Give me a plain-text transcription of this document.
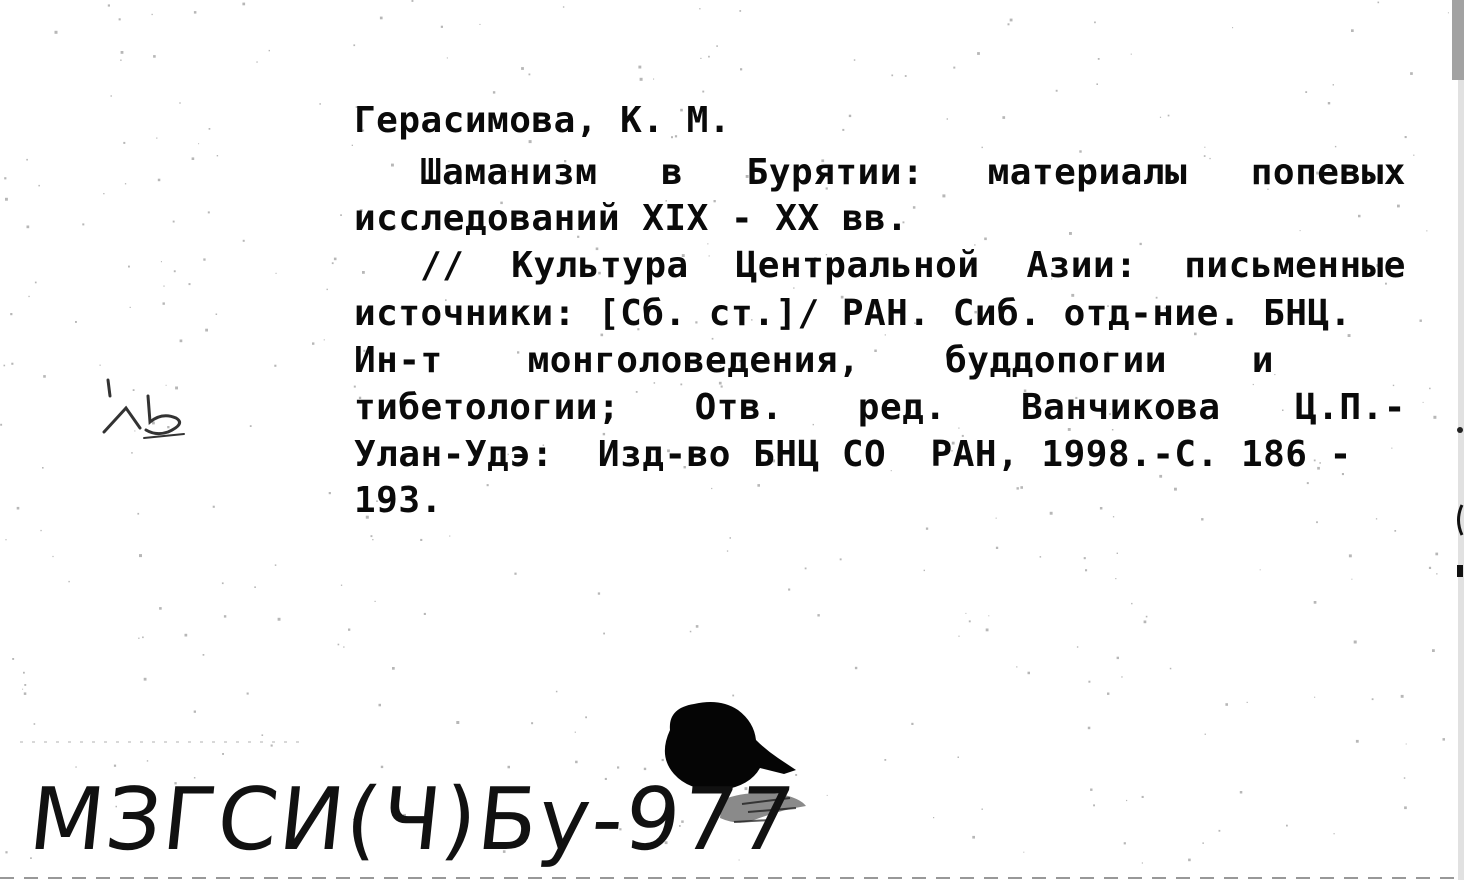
Герасимова, К. М.
Шаманизм в Бурятии: материалы попевых
исследований XIX - XX вв.
// Культура Центральной Азии: письменные
источники: [Сб. ст.]/ РАН. Сиб. отд-ние. БНЦ.
Ин-т монголоведения, буддопогии и
тибетологии; Отв. ред. Ванчикова Ц.П.-
Улан-Удэ:  Изд-во БНЦ СО  РАН, 1998.-С. 186 -
193.
МЗГСИ(Ч)Бу-977
